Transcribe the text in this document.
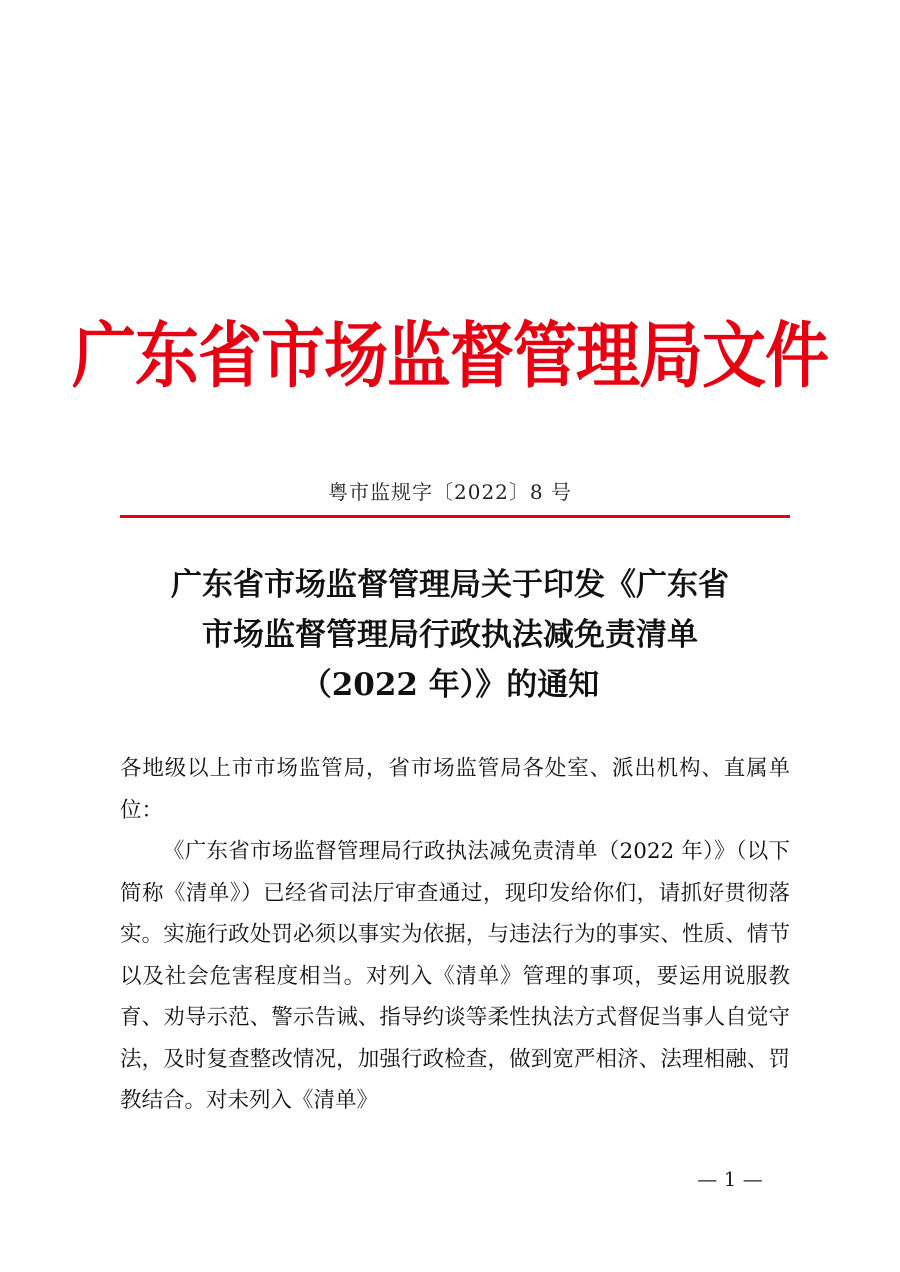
广东省市场监督管理局文件
粤市监规字〔2022〕8 号
广东省市场监督管理局关于印发《广东省
市场监督管理局行政执法减免责清单
（2022 年）》的通知

各地级以上市市场监管局，省市场监管局各处室、派出机构、直属单位：

《广东省市场监督管理局行政执法减免责清单（2022 年）》（以下简称《清单》）已经省司法厅审查通过，现印发给你们，请抓好贯彻落实。实施行政处罚必须以事实为依据，与违法行为的事实、性质、情节以及社会危害程度相当。对列入《清单》管理的事项，要运用说服教育、劝导示范、警示告诫、指导约谈等柔性执法方式督促当事人自觉守法，及时复查整改情况，加强行政检查，做到宽严相济、法理相融、罚教结合。对未列入《清单》

— 1 —
